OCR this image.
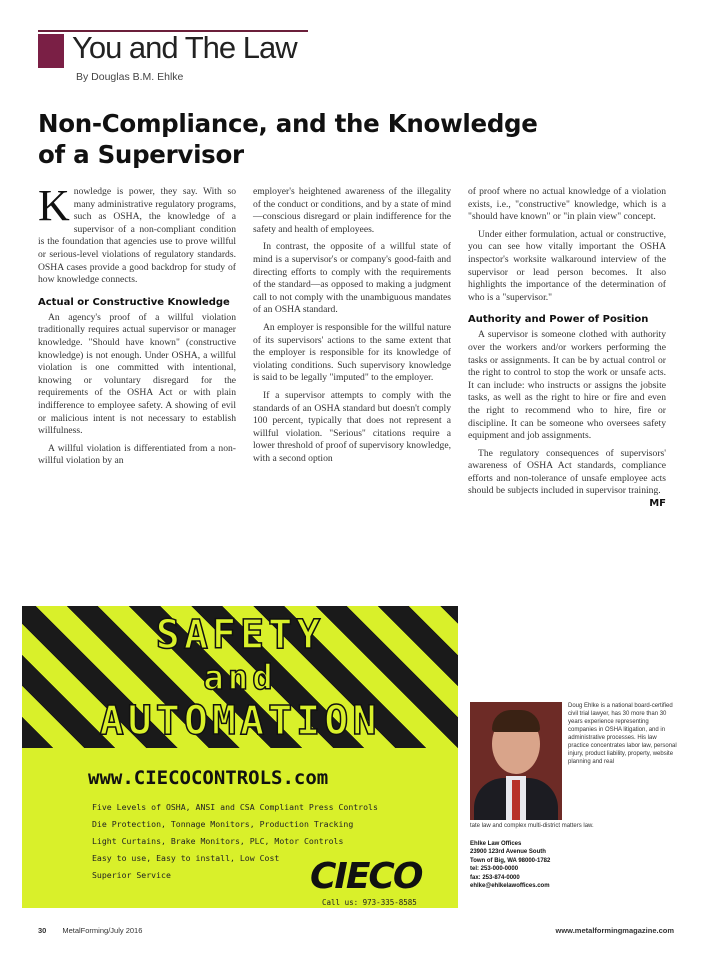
You and The Law
By Douglas B.M. Ehlke
Non-Compliance, and the Knowledge of a Supervisor

Knowledge is power, they say. With so many administrative regulatory programs, such as OSHA, the knowledge of a supervisor of a non-compliant condition is the foundation that agencies use to prove willful or serious-level violations of regulatory standards. OSHA cases provide a good backdrop for study of how knowledge connects.

Actual or Constructive Knowledge

An agency's proof of a willful violation traditionally requires actual supervisor or manager knowledge. "Should have known" (constructive knowledge) is not enough. Under OSHA, a willful violation is one committed with intentional, knowing or voluntary disregard for the requirements of the OSHA Act or with plain indifference to employee safety. A showing of evil or malicious intent is not necessary to establish willfulness.

A willful violation is differentiated from a non-willful violation by an

employer's heightened awareness of the illegality of the conduct or conditions, and by a state of mind—conscious disregard or plain indifference for the safety and health of employees.

In contrast, the opposite of a willful state of mind is a supervisor's or company's good-faith and directing efforts to comply with the requirements of the standard—as opposed to making a judgment call to not comply with the unambiguous mandates of an OSHA standard.

An employer is responsible for the willful nature of its supervisors' actions to the same extent that the employer is responsible for its knowledge of violating conditions. Such supervisory knowledge is said to be legally "imputed" to the employer.

If a supervisor attempts to comply with the standards of an OSHA standard but doesn't comply 100 percent, typically that does not represent a willful violation. "Serious" citations require a lower threshold of proof of supervisory knowledge, with a second option

of proof where no actual knowledge of a violation exists, i.e., "constructive" knowledge, which is a "should have known" or "in plain view" concept.

Under either formulation, actual or constructive, you can see how vitally important the OSHA inspector's worksite walkaround interview of the supervisor or lead person becomes. It also highlights the importance of the determination of who is a "supervisor."

Authority and Power of Position

A supervisor is someone clothed with authority over the workers and/or workers performing the tasks or assignments. It can be by actual control or the right to control to stop the work or unsafe acts. It can include: who instructs or assigns the jobsite tasks, as well as the right to hire or fire and even the right to recommend who to hire, fire or discipline. It can be someone who oversees safety equipment and job assignments.

The regulatory consequences of supervisors' awareness of OSHA Act standards, compliance efforts and non-tolerance of unsafe employee acts should be subjects included in supervisor training.
MF

SAFETY
and
AUTOMATION
www.CIECOCONTROLS.com
Five Levels of OSHA, ANSI and CSA Compliant Press Controls
Die Protection, Tonnage Monitors, Production Tracking
Light Curtains, Brake Monitors, PLC, Motor Controls
Easy to use, Easy to install, Low Cost
Superior Service	CIECO
Call us: 973-335-8585
Doug Ehlke is a national board-certified civil trial lawyer, has 30 more than 30 years experience representing companies in OSHA litigation, and in administrative processes. His law practice concentrates labor law, personal injury, product liability, property, website planning and real
tate law and complex multi-district matters law.
Ehlke Law Offices
23900 123rd Avenue South
Town of Big, WA 98000-1782
tel: 253-000-0000
fax: 253-874-0000
ehlke@ehlkelawoffices.com
30 MetalForming/July 2016	www.metalformingmagazine.com
